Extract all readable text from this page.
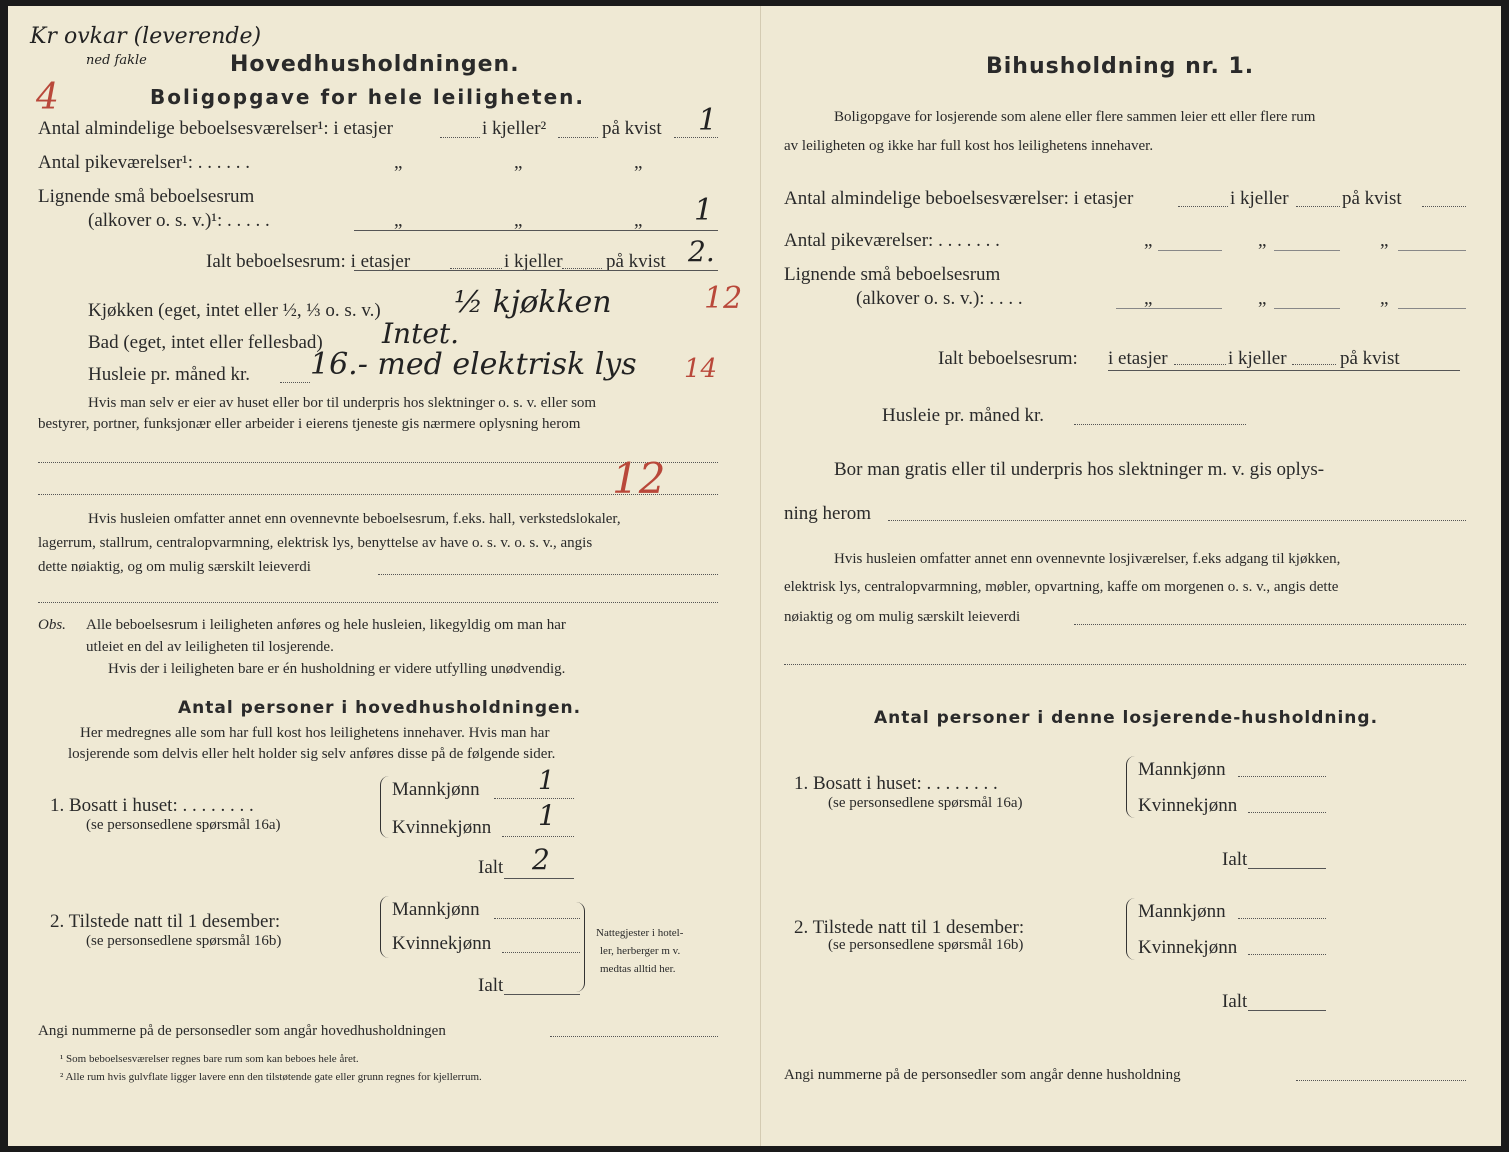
Kr ovkar (leverende)
ned fakle
4
Hovedhusholdningen.
Boligopgave for hele leiligheten.
Antal almindelige beboelsesværelser¹: i etasjer	i kjeller²	på kvist 1
Antal pikeværelser¹: . . . . . .	„	„	„
Lignende små beboelsesrum
(alkover o. s. v.)¹: . . . . .	„	„	„ 1
Ialt beboelsesrum: i etasjer	i kjeller på kvist 2.
Kjøkken (eget, intet eller ½, ⅓ o. s. v.) ½ kjøkken	12
Bad (eget, intet eller fellesbad) Intet.
Husleie pr. måned kr. 16.- med elektrisk lys 14
Hvis man selv er eier av huset eller bor til underpris hos slektninger o. s. v. eller som
bestyrer, portner, funksjonær eller arbeider i eierens tjeneste gis nærmere oplysning herom
12
Hvis husleien omfatter annet enn ovennevnte beboelsesrum, f.eks. hall, verkstedslokaler,
lagerrum, stallrum, centralopvarmning, elektrisk lys, benyttelse av have o. s. v. o. s. v., angis
dette nøiaktig, og om mulig særskilt leieverdi
Obs. Alle beboelsesrum i leiligheten anføres og hele husleien, likegyldig om man har
utleiet en del av leiligheten til losjerende.
Hvis der i leiligheten bare er én husholdning er videre utfylling unødvendig.
Antal personer i hovedhusholdningen.
Her medregnes alle som har full kost hos leilighetens innehaver. Hvis man har
losjerende som delvis eller helt holder sig selv anføres disse på de følgende sider.
1. Bosatt i huset: . . . . . . . .
(se personsedlene spørsmål 16a)
Mannkjønn 1
Kvinnekjønn 1
Ialt 2
2. Tilstede natt til 1 desember:
(se personsedlene spørsmål 16b)
Mannkjønn
Kvinnekjønn
Ialt
Nattegjester i hotel-
ler, herberger m v.
medtas alltid her.
Angi nummerne på de personsedler som angår hovedhusholdningen
¹ Som beboelsesværelser regnes bare rum som kan beboes hele året.
² Alle rum hvis gulvflate ligger lavere enn den tilstøtende gate eller grunn regnes for kjellerrum.
Bihusholdning nr. 1.
Boligopgave for losjerende som alene eller flere sammen leier ett eller flere rum
av leiligheten og ikke har full kost hos leilighetens innehaver.
Antal almindelige beboelsesværelser: i etasjer	i kjeller	på kvist
Antal pikeværelser: . . . . . . .	„	„	„
Lignende små beboelsesrum
(alkover o. s. v.): . . . .	„	„	„
Ialt beboelsesrum: i etasjer	i kjeller	på kvist
Husleie pr. måned kr.
Bor man gratis eller til underpris hos slektninger m. v. gis oplys-
ning herom
Hvis husleien omfatter annet enn ovennevnte losjiværelser, f.eks adgang til kjøkken,
elektrisk lys, centralopvarmning, møbler, opvartning, kaffe om morgenen o. s. v., angis dette
nøiaktig og om mulig særskilt leieverdi
Antal personer i denne losjerende-husholdning.
1. Bosatt i huset: . . . . . . . .
(se personsedlene spørsmål 16a)
Mannkjønn
Kvinnekjønn
Ialt
2. Tilstede natt til 1 desember:
(se personsedlene spørsmål 16b)
Mannkjønn
Kvinnekjønn
Ialt
Angi nummerne på de personsedler som angår denne husholdning
